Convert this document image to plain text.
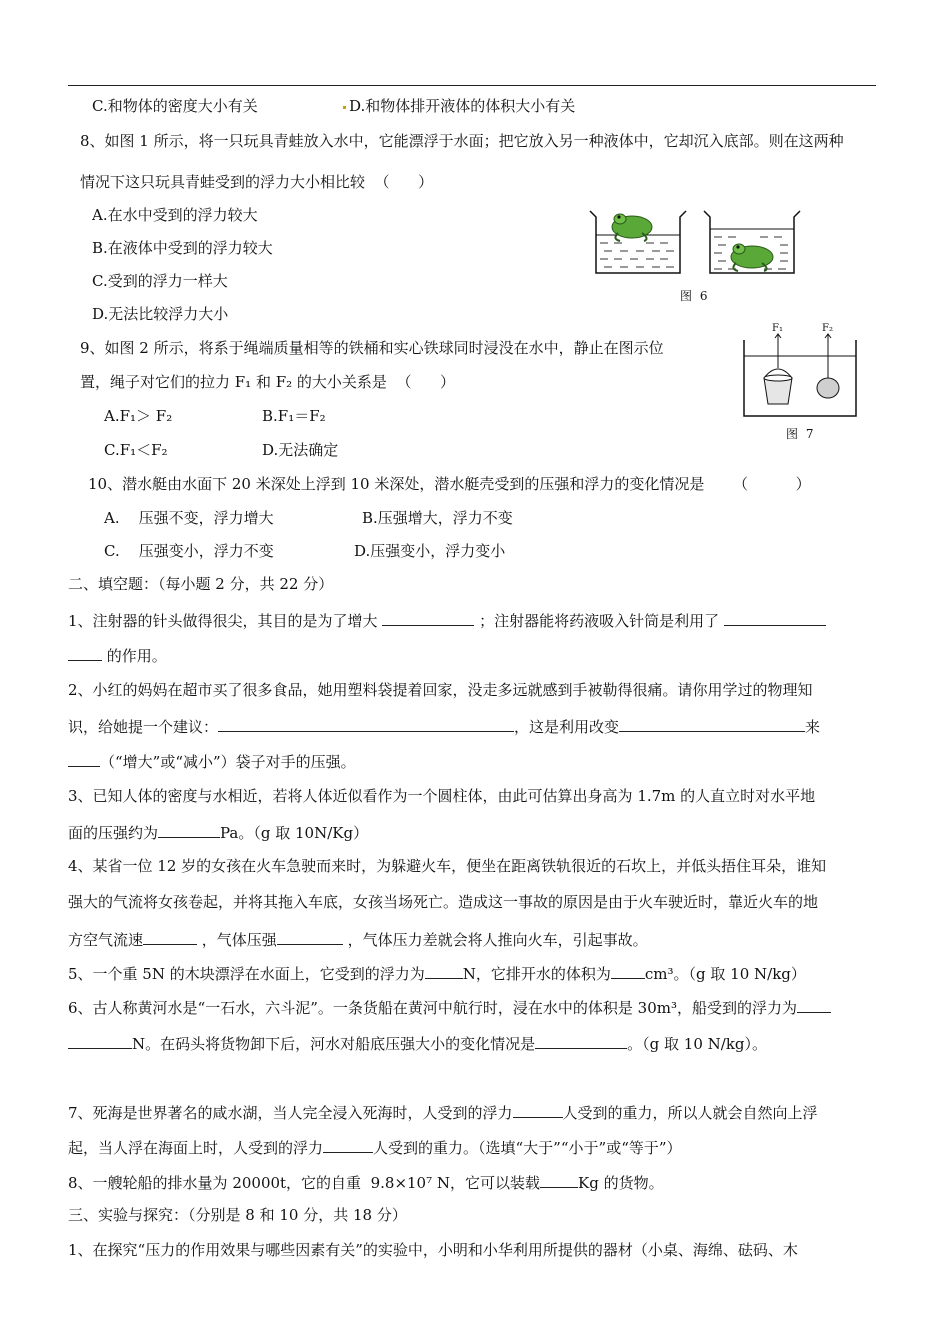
C.和物体的密度大小有关	D.和物体排开液体的体积大小有关
8、如图 1 所示，将一只玩具青蛙放入水中，它能漂浮于水面；把它放入另一种液体中，它却沉入底部。则在这两种
情况下这只玩具青蛙受到的浮力大小相比较  （      ）
A.在水中受到的浮力较大
B.在液体中受到的浮力较大
C.受到的浮力一样大
D.无法比较浮力大小
图 6
9、如图 2 所示，将系于绳端质量相等的铁桶和实心铁球同时浸没在水中，静止在图示位
置，绳子对它们的拉力 F₁ 和 F₂ 的大小关系是  （      ）
A.F₁＞ F₂	B.F₁＝F₂
C.F₁＜F₂	D.无法确定
F₁	F₂
图 7
10、潜水艇由水面下 20 米深处上浮到 10 米深处，潜水艇壳受到的压强和浮力的变化情况是      （          ）
A.    压强不变，浮力增大	B.压强增大，浮力不变
C.    压强变小，浮力不变	D.压强变小，浮力变小
二、填空题：（每小题 2 分，共 22 分）
1、注射器的针头做得很尖，其目的是为了增大	；注射器能将药液吸入针筒是利用了
的作用。
2、小红的妈妈在超市买了很多食品，她用塑料袋提着回家，没走多远就感到手被勒得很痛。请你用学过的物理知
识，给她提一个建议：	，这是利用改变	来
（“增大”或“减小”）袋子对手的压强。
3、已知人体的密度与水相近，若将人体近似看作为一个圆柱体，由此可估算出身高为 1.7m 的人直立时对水平地
面的压强约为	Pa。（g 取 10N/Kg）
4、某省一位 12 岁的女孩在火车急驶而来时，为躲避火车，便坐在距离铁轨很近的石坎上，并低头捂住耳朵，谁知
强大的气流将女孩卷起，并将其拖入车底，女孩当场死亡。造成这一事故的原因是由于火车驶近时，靠近火车的地
方空气流速	，气体压强	，气体压力差就会将人推向火车，引起事故。
5、一个重 5N 的木块漂浮在水面上，它受到的浮力为	N，它排开水的体积为 cm³。（g 取 10 N/kg）
6、古人称黄河水是“一石水，六斗泥”。一条货船在黄河中航行时，浸在水中的体积是 30m³，船受到的浮力为
N。在码头将货物卸下后，河水对船底压强大小的变化情况是	。（g 取 10 N/kg）。
7、死海是世界著名的咸水湖，当人完全浸入死海时，人受到的浮力	人受到的重力，所以人就会自然向上浮
起，当人浮在海面上时，人受到的浮力	人受到的重力。（选填“大于”“小于”或“等于”）
8、一艘轮船的排水量为 20000t，它的自重  9.8×10⁷ N，它可以装载	Kg 的货物。
三、实验与探究：（分别是 8 和 10 分，共 18 分）
1、在探究“压力的作用效果与哪些因素有关”的实验中，小明和小华利用所提供的器材（小桌、海绵、砝码、木
